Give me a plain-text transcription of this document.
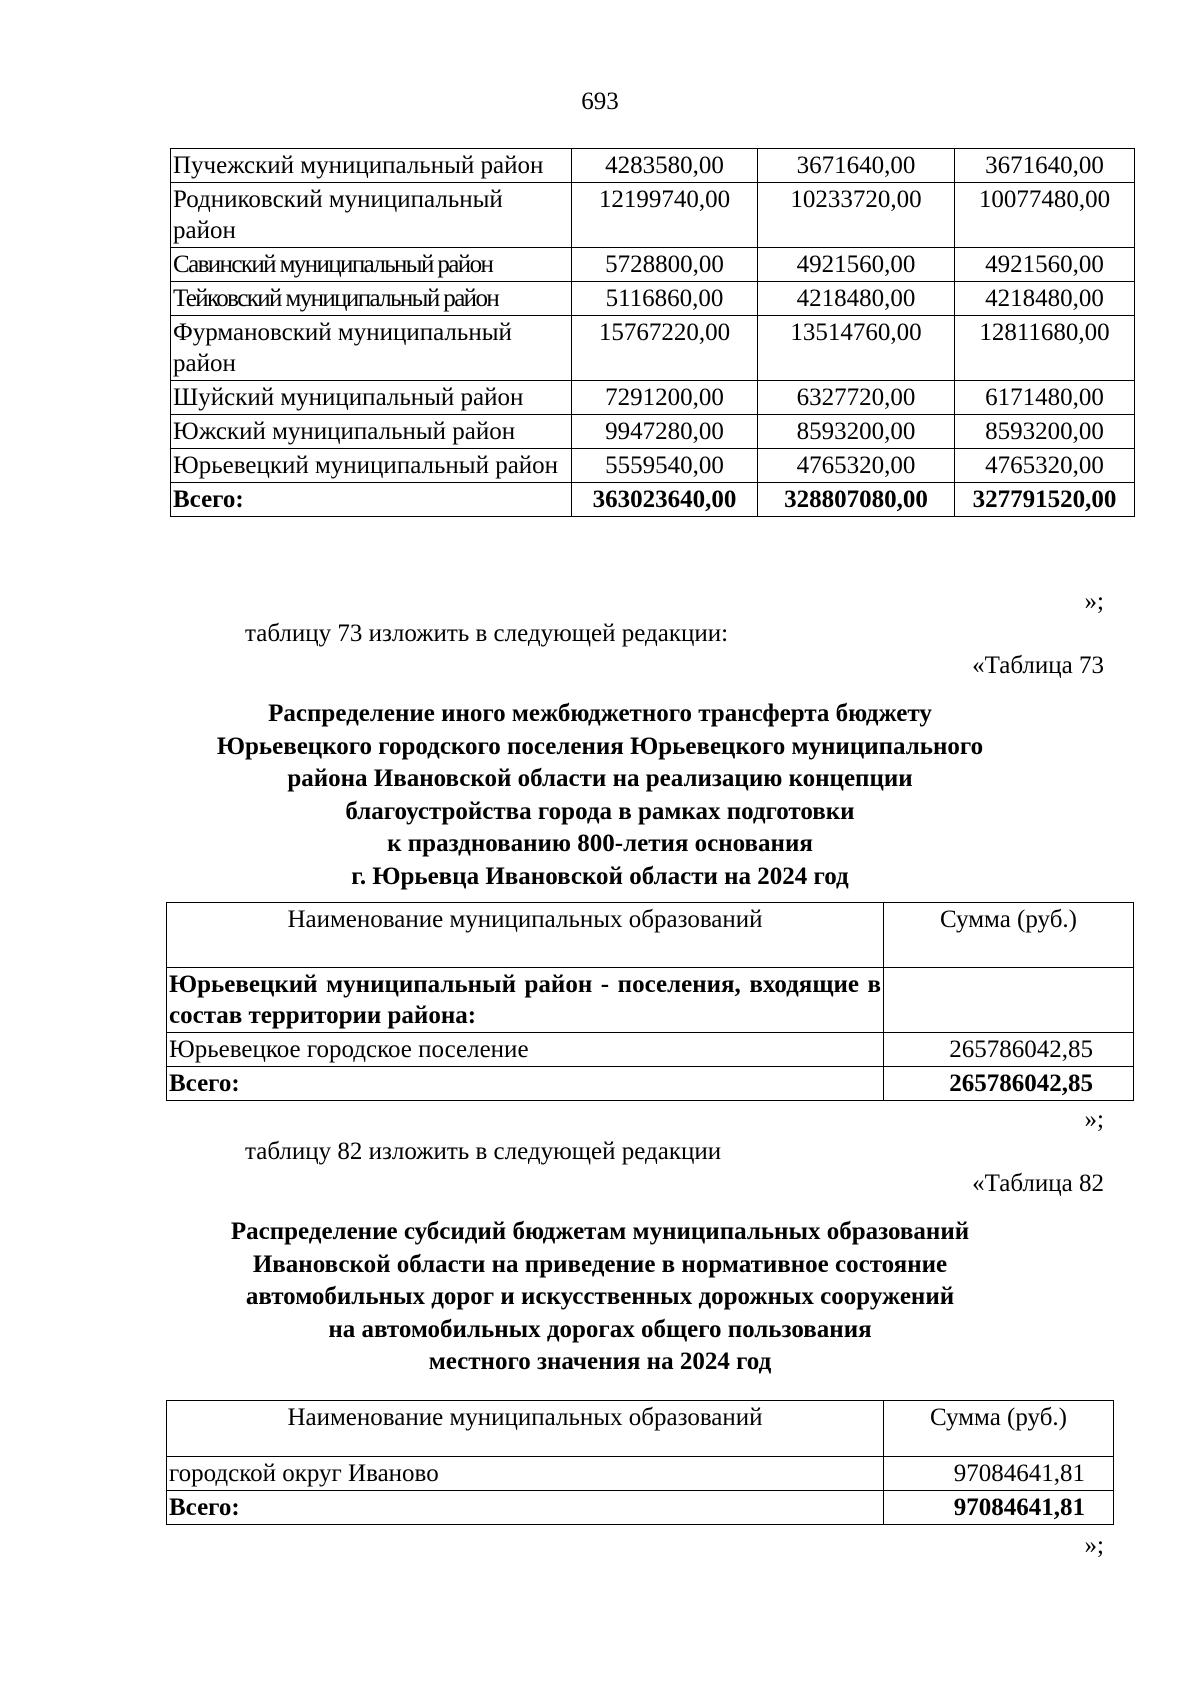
693
Пучежский муниципальный район	4283580,00	3671640,00	3671640,00
Родниковский муниципальный район	12199740,00	10233720,00	10077480,00
Савинский муниципальный район	5728800,00	4921560,00	4921560,00
Тейковский муниципальный район	5116860,00	4218480,00	4218480,00
Фурмановский муниципальный район	15767220,00	13514760,00	12811680,00
Шуйский муниципальный район	7291200,00	6327720,00	6171480,00
Южский муниципальный район	9947280,00	8593200,00	8593200,00
Юрьевецкий муниципальный район	5559540,00	4765320,00	4765320,00
Всего:	363023640,00	328807080,00	327791520,00
»;
таблицу 73 изложить в следующей редакции:
«Таблица 73
Распределение иного межбюджетного трансферта бюджету
Юрьевецкого городского поселения Юрьевецкого муниципального
района Ивановской области на реализацию концепции
благоустройства города в рамках подготовки
к празднованию 800-летия основания
г. Юрьевца Ивановской области на 2024 год
Наименование муниципальных образований	Сумма (руб.)
Юрьевецкий муниципальный район - поселения, входящие в состав территории района:	
Юрьевецкое городское поселение	265786042,85
Всего:	265786042,85
»;
таблицу 82 изложить в следующей редакции
«Таблица 82
Распределение субсидий бюджетам муниципальных образований
Ивановской области на приведение в нормативное состояние
автомобильных дорог и искусственных дорожных сооружений
на автомобильных дорогах общего пользования
местного значения на 2024 год
Наименование муниципальных образований	Сумма (руб.)
городской округ Иваново	97084641,81
Всего:	97084641,81
»;
